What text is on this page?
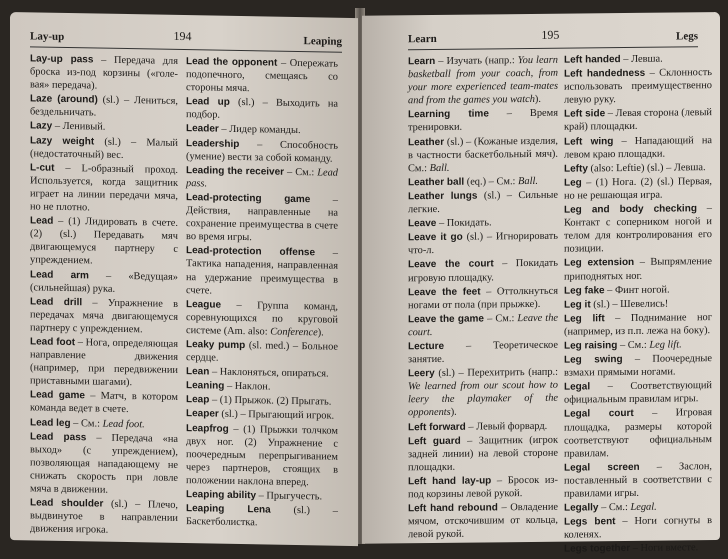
Lay-up	194	Leaping

Lay-up pass – Передача для броска из-под корзины («голе-вая» передача).

Laze (around) (sl.) – Лениться, бездельничать.

Lazy – Ленивый.

Lazy weight (sl.) – Малый (недостаточный) вес.

L-cut – L-образный проход. Используется, когда защитник играет на линии передачи мяча, но не плотно.

Lead – (1) Лидировать в счете. (2) (sl.) Передавать мяч двигающемуся партнеру с упреждением.

Lead arm – «Ведущая» (сильнейшая) рука.

Lead drill – Упражнение в передачах мяча двигающемуся партнеру с упреждением.

Lead foot – Нога, определяющая направление движения (например, при передвижении приставными шагами).

Lead game – Матч, в котором команда ведет в счете.

Lead leg – См.: Lead foot.

Lead pass – Передача «на выход» (с упреждением), позволяющая нападающему не снижать скорость при ловле мяча в движении.

Lead shoulder (sl.) – Плечо, выдвинутое в направлении движения игрока.

Lead the opponent – Опережать подопечного, смещаясь со стороны мяча.

Lead up (sl.) – Выходить на подбор.

Leader – Лидер команды.

Leadership – Способность (умение) вести за собой команду.

Leading the receiver – См.: Lead pass.

Lead-protecting game – Действия, направленные на сохранение преимущества в счете во время игры.

Lead-protection offense – Тактика нападения, направленная на удержание преимущества в счете.

League – Группа команд, соревнующихся по круговой системе (Am. also: Conference).

Leaky pump (sl. med.) – Больное сердце.

Lean – Наклоняться, опираться.

Leaning – Наклон.

Leap – (1) Прыжок. (2) Прыгать.

Leaper (sl.) – Прыгающий игрок.

Leapfrog – (1) Прыжки толчком двух ног. (2) Упражнение с поочередным перепрыгиванием через партнеров, стоящих в положении наклона вперед.

Leaping ability – Прыгучесть.

Leaping Lena (sl.) – Баскетболистка.

Learn	195	Legs

Learn – Изучать (напр.: You learn basketball from your coach, from your more experienced team-mates and from the games you watch).

Learning time – Время тренировки.

Leather (sl.) – (Кожаные изделия, в частности баскетбольный мяч). См.: Ball.

Leather ball (eq.) – См.: Ball.

Leather lungs (sl.) – Сильные легкие.

Leave – Покидать.

Leave it go (sl.) – Игнорировать что-л.

Leave the court – Покидать игровую площадку.

Leave the feet – Оттолкнуться ногами от пола (при прыжке).

Leave the game – См.: Leave the court.

Lecture – Теоретическое занятие.

Leery (sl.) – Перехитрить (напр.: We learned from our scout how to leery the playmaker of the opponents).

Left forward – Левый форвард.

Left guard – Защитник (игрок задней линии) на левой стороне площадки.

Left hand lay-up – Бросок из-под корзины левой рукой.

Left hand rebound – Овладение мячом, отскочившим от кольца, левой рукой.

Left handed – Левша.

Left handedness – Склонность использовать преимущественно левую руку.

Left side – Левая сторона (левый край) площадки.

Left wing – Нападающий на левом краю площадки.

Lefty (also: Leftie) (sl.) – Левша.

Leg – (1) Нога. (2) (sl.) Первая, но не решающая игра.

Leg and body checking – Контакт с соперником ногой и телом для контролирования его позиции.

Leg extension – Выпрямление приподнятых ног.

Leg fake – Финт ногой.

Leg it (sl.) – Шевелись!

Leg lift – Поднимание ног (например, из п.п. лежа на боку).

Leg raising – См.: Leg lift.

Leg swing – Поочередные взмахи прямыми ногами.

Legal – Соответствующий официальным правилам игры.

Legal court – Игровая площадка, размеры которой соответствуют официальным правилам.

Legal screen – Заслон, поставленный в соответствии с правилами игры.

Legally – См.: Legal.

Legs bent – Ноги согнуты в коленях.

Legs together – Ноги вместе.
